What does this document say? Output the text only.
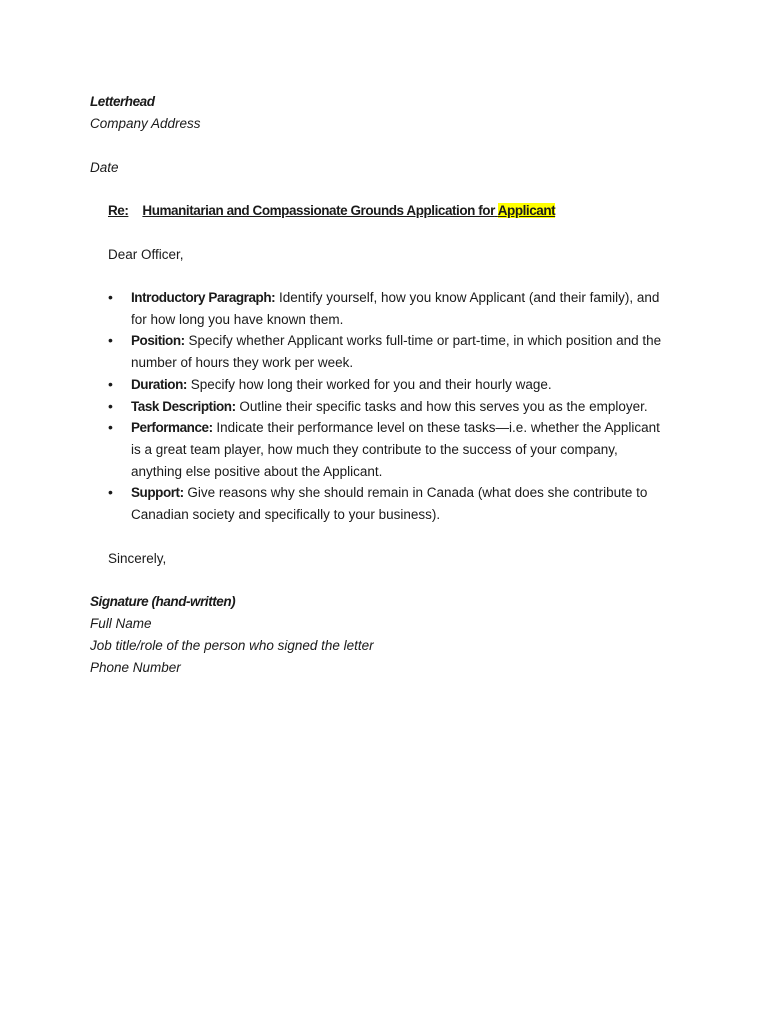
Letterhead
Company Address
Date
Re: Humanitarian and Compassionate Grounds Application for Applicant
Dear Officer,
• Introductory Paragraph: Identify yourself, how you know Applicant (and their family), and for how long you have known them.
• Position: Specify whether Applicant works full-time or part-time, in which position and the number of hours they work per week.
• Duration: Specify how long their worked for you and their hourly wage.
• Task Description: Outline their specific tasks and how this serves you as the employer.
• Performance: Indicate their performance level on these tasks—i.e. whether the Applicant is a great team player, how much they contribute to the success of your company, anything else positive about the Applicant.
• Support: Give reasons why she should remain in Canada (what does she contribute to Canadian society and specifically to your business).
Sincerely,
Signature (hand-written)
Full Name
Job title/role of the person who signed the letter
Phone Number
